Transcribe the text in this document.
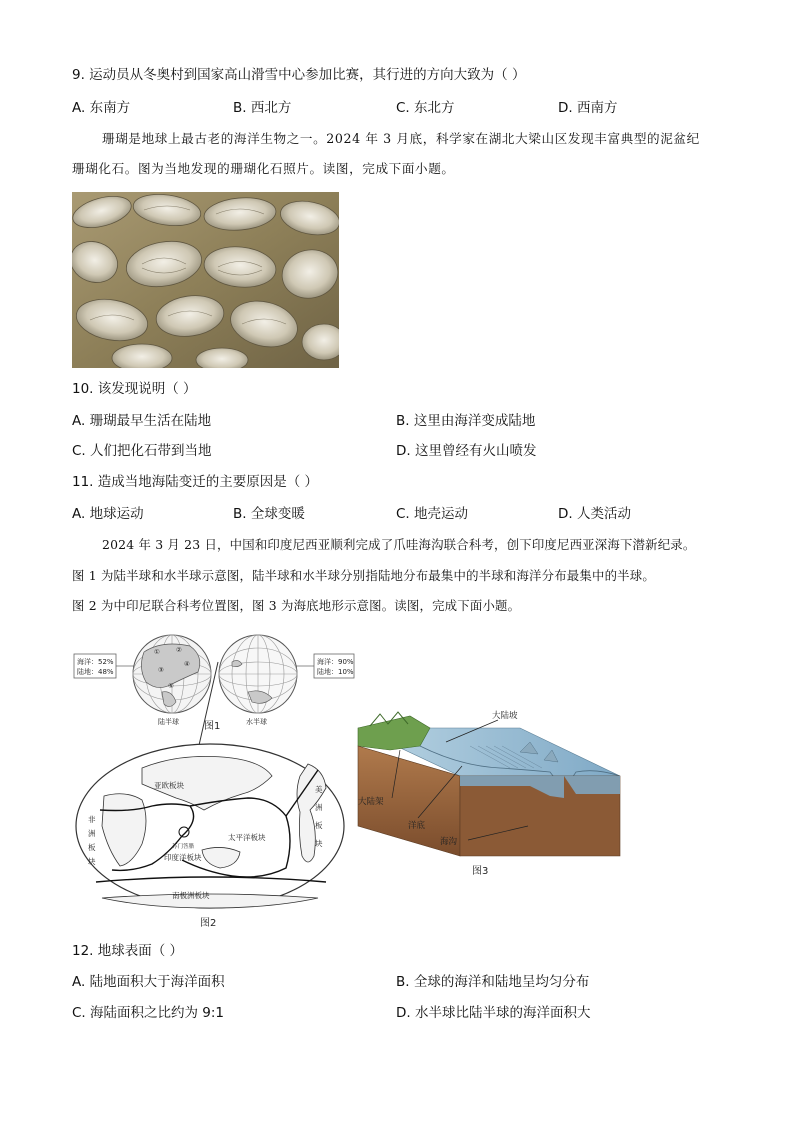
9. 运动员从冬奥村到国家高山滑雪中心参加比赛，其行进的方向大致为（ ）
A. 东南方	B. 西北方	C. 东北方	D. 西南方
珊瑚是地球上最古老的海洋生物之一。2024 年 3 月底，科学家在湖北大梁山区发现丰富典型的泥盆纪
珊瑚化石。图为当地发现的珊瑚化石照片。读图，完成下面小题。
10. 该发现说明（ ）
A. 珊瑚最早生活在陆地	B. 这里由海洋变成陆地
C. 人们把化石带到当地	D. 这里曾经有火山喷发
11. 造成当地海陆变迁的主要原因是（ ）
A. 地球运动	B. 全球变暖	C. 地壳运动	D. 人类活动
2024 年 3 月 23 日，中国和印度尼西亚顺利完成了爪哇海沟联合科考，创下印度尼西亚深海下潜新纪录。
图 1 为陆半球和水半球示意图，陆半球和水半球分别指陆地分布最集中的半球和海洋分布最集中的半球。
图 2 为中印尼联合科考位置图，图 3 为海底地形示意图。读图，完成下面小题。
海洋：52%
陆地：48%
海洋：90%
陆地：10%
① ②
④
③
⑤
陆半球	水半球
图1
亚欧板块	美
洲
板
块
非
洲
板
块
太平洋板块
印度洋板块
南极洲板块
苏门答腊
图2
大陆坡
大陆架
洋底
海沟
图3
12. 地球表面（ ）
A. 陆地面积大于海洋面积	B. 全球的海洋和陆地呈均匀分布
C. 海陆面积之比约为 9:1	D. 水半球比陆半球的海洋面积大
